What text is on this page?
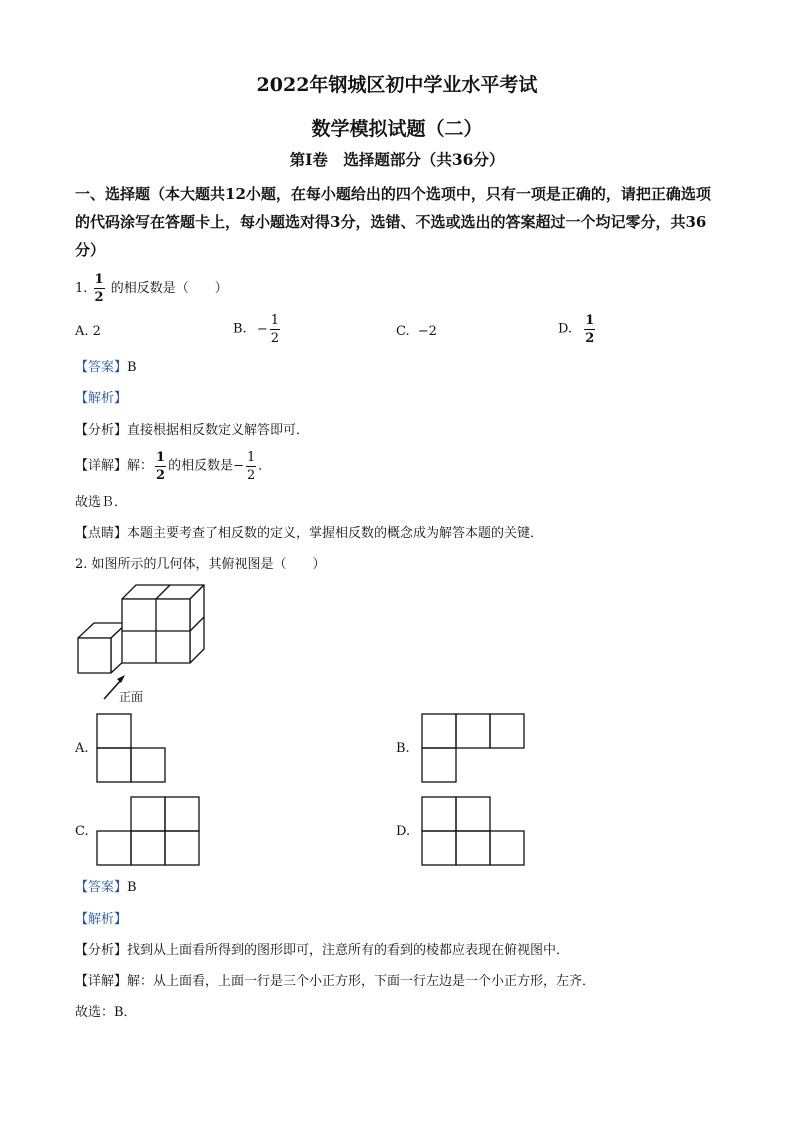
2022年钢城区初中学业水平考试
数学模拟试题（二）
第Ⅰ卷　选择题部分（共36分）
一、选择题（本大题共12小题，在每小题给出的四个选项中，只有一项是正确的，请把正确选项的代码涂写在答题卡上，每小题选对得3分，选错、不选或选出的答案超过一个均记零分，共36分）
1. $\frac{1}{2}$ 的相反数是（　　）
A. 2	B. − $\frac{1}{2}$	C. −2	D. $\frac{1}{2}$
【答案】B
【解析】
【分析】直接根据相反数定义解答即可．
【详解】解： $\frac{1}{2}$ 的相反数是− $\frac{1}{2}$ ．
故选Ｂ．
【点睛】本题主要考查了相反数的定义，掌握相反数的概念成为解答本题的关键．
2. 如图所示的几何体，其俯视图是（　　）
正面
A.	B.
C.	D.
【答案】B
【解析】
【分析】找到从上面看所得到的图形即可，注意所有的看到的棱都应表现在俯视图中．
【详解】解：从上面看，上面一行是三个小正方形，下面一行左边是一个小正方形，左齐．
故选：B．
